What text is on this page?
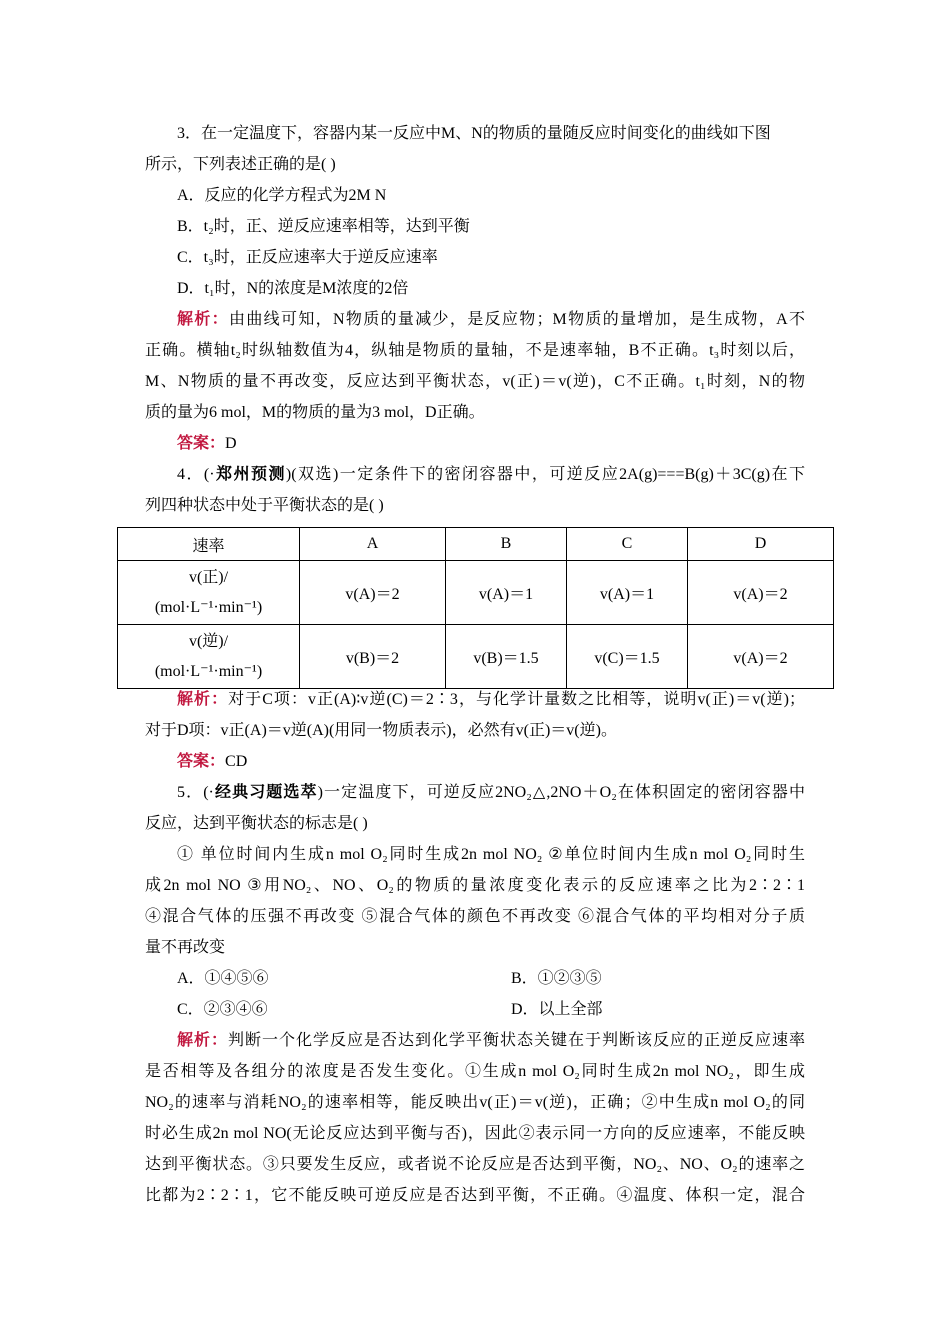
3．在一定温度下，容器内某一反应中M、N的物质的量随反应时间变化的曲线如下图
所示，下列表述正确的是( )
A．反应的化学方程式为2M N
B．t₂时，正、逆反应速率相等，达到平衡
C．t₃时，正反应速率大于逆反应速率
D．t₁时，N的浓度是M浓度的2倍
解析：由曲线可知，N物质的量减少，是反应物；M物质的量增加，是生成物，A不
正确。横轴t₂时纵轴数值为4，纵轴是物质的量轴，不是速率轴，B不正确。t₃时刻以后，
M、N物质的量不再改变，反应达到平衡状态，v(正)＝v(逆)，C不正确。t₁时刻，N的物
质的量为6 mol，M的物质的量为3 mol，D正确。
答案：D
4．(·郑州预测)(双选)一定条件下的密闭容器中，可逆反应2A(g)===B(g)＋3C(g)在下
列四种状态中处于平衡状态的是( )
速率	A	B	C	D

v(正)/
(mol·L⁻¹·min⁻¹)	v(A)＝2	v(A)＝1	v(A)＝1	v(A)＝2

v(逆)/
(mol·L⁻¹·min⁻¹)	v(B)＝2	v(B)＝1.5	v(C)＝1.5	v(A)＝2
解析：对于C项：v正(A)∶v逆(C)＝2∶3，与化学计量数之比相等，说明v(正)＝v(逆)；
对于D项：v正(A)＝v逆(A)(用同一物质表示)，必然有v(正)＝v(逆)。
答案：CD
5．(·经典习题选萃)一定温度下，可逆反应2NO₂△,2NO＋O₂在体积固定的密闭容器中
反应，达到平衡状态的标志是( )
① 单位时间内生成n mol O₂同时生成2n mol NO₂ ②单位时间内生成n mol O₂同时生
成2n mol NO ③用NO₂、NO、O₂的物质的量浓度变化表示的反应速率之比为2∶2∶1
④混合气体的压强不再改变 ⑤混合气体的颜色不再改变 ⑥混合气体的平均相对分子质
量不再改变
A．①④⑤⑥	B．①②③⑤
C．②③④⑥	D．以上全部
解析：判断一个化学反应是否达到化学平衡状态关键在于判断该反应的正逆反应速率
是否相等及各组分的浓度是否发生变化。①生成n mol O₂同时生成2n mol NO₂，即生成
NO₂的速率与消耗NO₂的速率相等，能反映出v(正)＝v(逆)，正确；②中生成n mol O₂的同
时必生成2n mol NO(无论反应达到平衡与否)，因此②表示同一方向的反应速率，不能反映
达到平衡状态。③只要发生反应，或者说不论反应是否达到平衡，NO₂、NO、O₂的速率之
比都为2∶2∶1，它不能反映可逆反应是否达到平衡，不正确。④温度、体积一定，混合
